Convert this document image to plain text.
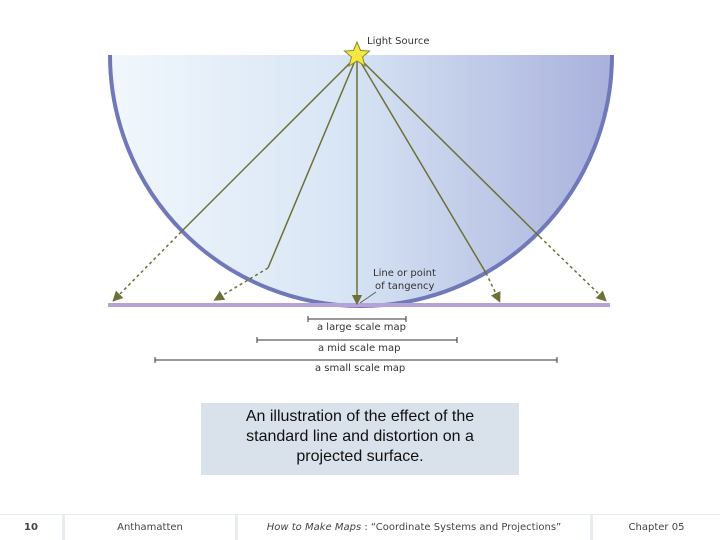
Light Source
Line or point
of tangency
a large scale map
a mid scale map
a small scale map
An illustration of the effect of the
standard line and distortion on a
projected surface.
10	Anthamatten	How to Make Maps : “Coordinate Systems and Projections”	Chapter 05
